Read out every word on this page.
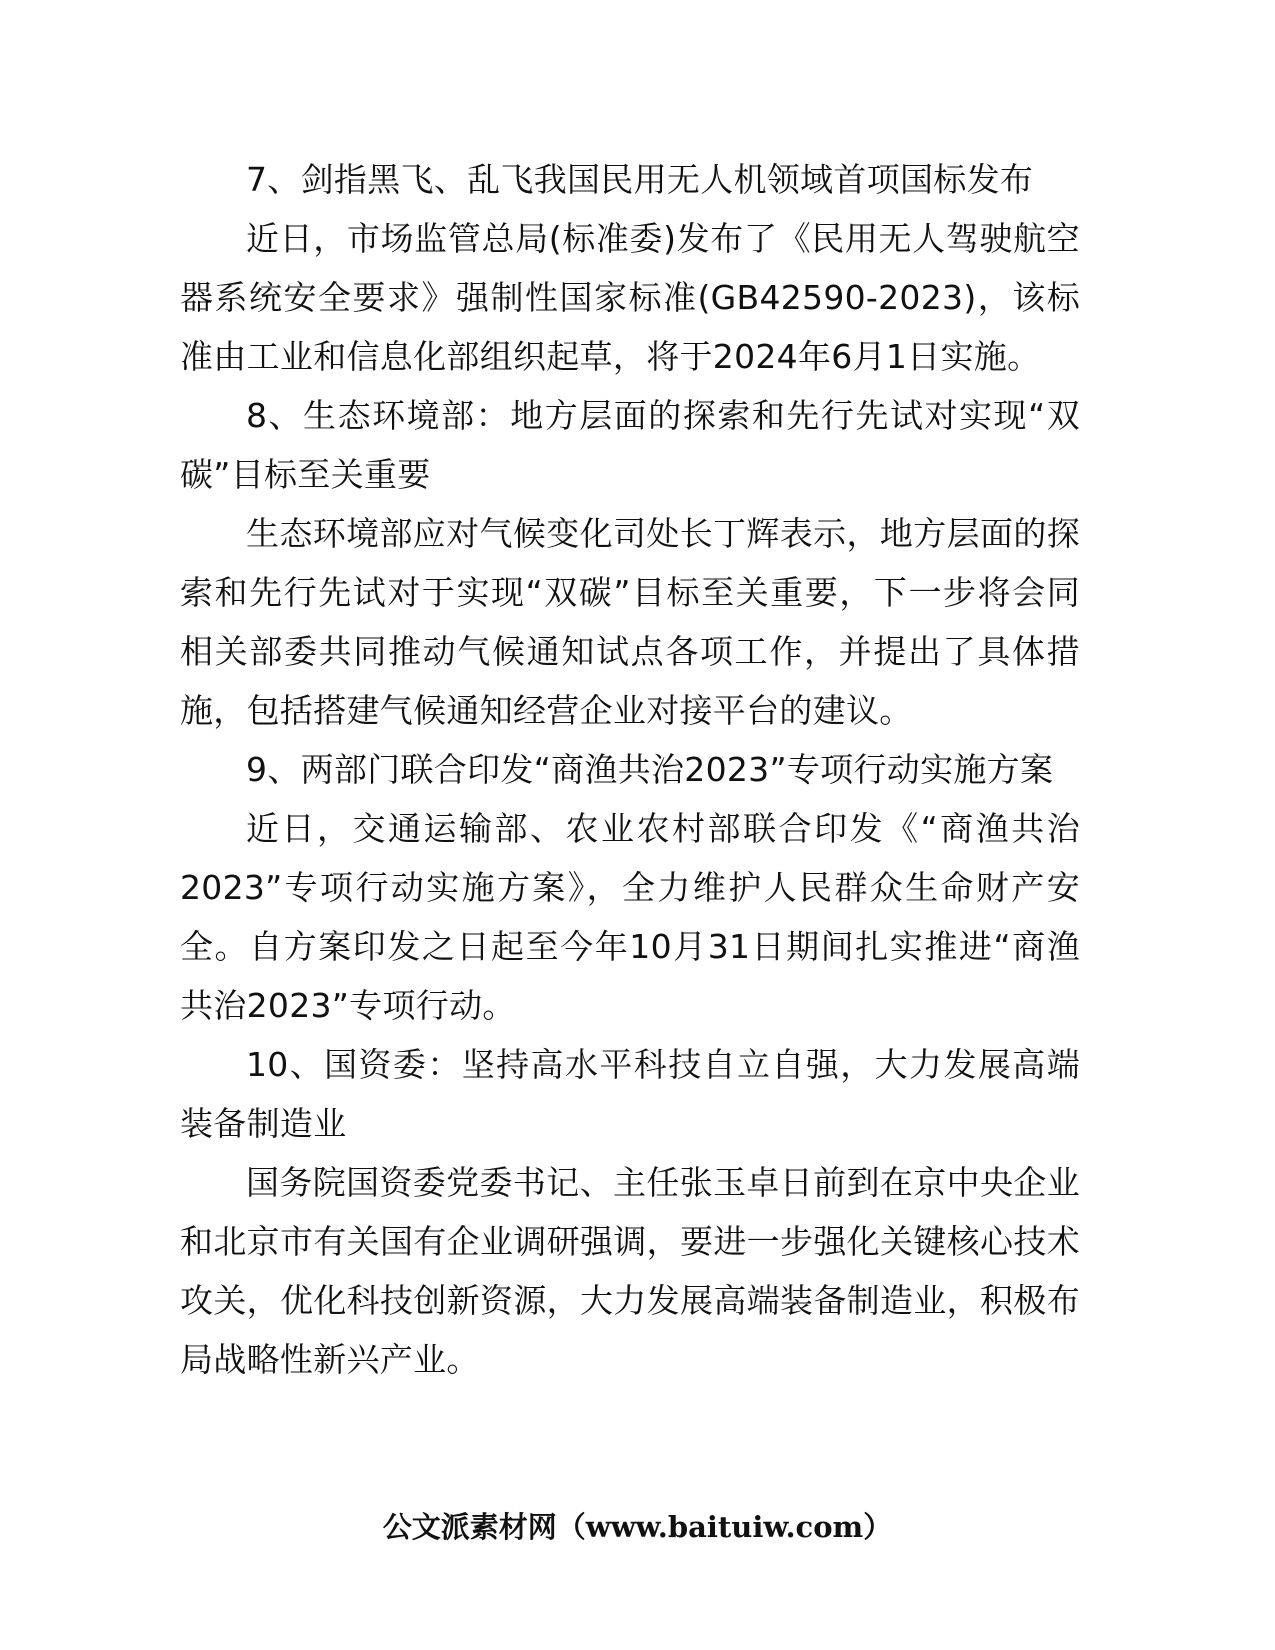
7、剑指黑飞、乱飞我国民用无人机领域首项国标发布

近日，市场监管总局(标准委)发布了《民用无人驾驶航空器系统安全要求》强制性国家标准(GB42590-2023)，该标准由工业和信息化部组织起草，将于2024年6月1日实施。

8、生态环境部：地方层面的探索和先行先试对实现“双碳”目标至关重要

生态环境部应对气候变化司处长丁辉表示，地方层面的探索和先行先试对于实现“双碳”目标至关重要，下一步将会同相关部委共同推动气候通知试点各项工作，并提出了具体措施，包括搭建气候通知经营企业对接平台的建议。

9、两部门联合印发“商渔共治2023”专项行动实施方案

近日，交通运输部、农业农村部联合印发《“商渔共治2023”专项行动实施方案》，全力维护人民群众生命财产安全。自方案印发之日起至今年10月31日期间扎实推进“商渔共治2023”专项行动。

10、国资委：坚持高水平科技自立自强，大力发展高端装备制造业

国务院国资委党委书记、主任张玉卓日前到在京中央企业和北京市有关国有企业调研强调，要进一步强化关键核心技术攻关，优化科技创新资源，大力发展高端装备制造业，积极布局战略性新兴产业。

公文派素材网（www.baituiw.com）
